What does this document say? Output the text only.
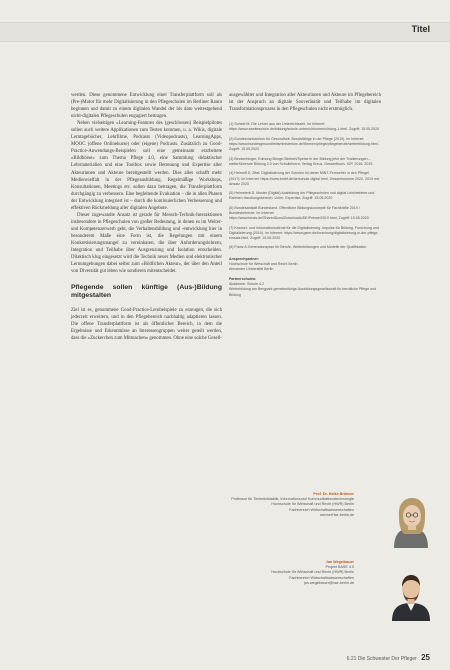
Titel

werden. Diese genommene Entwicklung einer Transferplattform soll als (Pre-)Motor für mehr Digitalisierung in den Pflegeschulen im Berliner Raum beginnen und damit zu einem digitalen Wandel der bis dato weitestgehend nicht-digitalen Pflegeschulen engagiert beitragen.

Neben vielseitigen »Learning-Features des (geschlossen) Beispielpilotes sollen auch weitere Applikationen zum Testen kommen, u. a. Wikis, digitale Lerntagebücher, Lehrfilme, Podcasts (Videopodcasts), LearningApps, MOOC (offene Onlinekurse) oder (eigene) Podcasts. Zusätzlich zu Good-Practice-Anwendungs-Beispielen soll eine gemeinsam erarbeitete »Bildbörse« zum Thema Pflege 4.0, eine Sammlung didaktischer Lehrmaterialien und eine Toolbox sowie Betreuung und Expertise aller Akteurinnen und Akteure bereitgestellt werden. Dies alles schafft mehr Medienvielfalt in der Pflegeausbildung. Regelmäßige Workshops, Konsultationen, Meetings etc. sollen dazu beitragen, die Transferplattform durchgängig zu verbessern. Eine begleitende Evaluation – die in allen Phasen der Entwicklung integriert ist – durch die kontinuierlichen Verbesserung und effektiven Rückmeldung aller digitalen Angebote.

Dieser zugewandte Ansatz ist gerade für Mensch-Technik-Interaktionen insbesondere in Pflegeschulen von großer Bedeutung, in denen es im Weiter- und Kompetenzerwerb geht, die Verhaltensbildung und -entwicklung hier in besonderem Maße eine Form ist, die Regelungen mit einem Konkretisierungsmangel zu vereinbaren, die über Anforderungslehrern, Integration und Teilhabe über Ausgrenzung und Isolation entscheiden. Dilaktisch klug eingesetzt wird die Technik neuer Medien und elektronischer Lernumgebungen dabei selbst zum »Bildlichen Akteur«, der über den Anteil von Diversität gut leben wie sondieren mitentscheidet.

Pflegende sollen künftige (Aus-)Bildung mitgestalten

Ziel ist es, genommene Good-Practice-Lernbeispiele zu erzeugen, die sich jederzeit erweitern, und in den Pflegebereich nachhaltig adaptieren lassen. Die offene Transferplattform ist als öffentlicher Bereich, in dem die Ergebnisse und Erkenntnisse an Interessengruppen weiter geteilt werden, dass die »Zuckerchen zum Mitmachen« genommen. Ohne eine solche Gesell-

ausgewählter und Integration aller Akteurinnen und Akteure im Pflegebereich ist der Anspruch an digitale Souveränität und Teilhabe im digitalen Transformationsprozess in den Pflegeschulen nicht erstmöglich.

(1) Scheid M. Die Lehrer aus der Unterrichtszeit. Im Internet: https://www.zweiteschule.de/bildung/schule-unterricht/unterrichtung-1.html, Zugriff: 15.05.2020

(2) Bundesministerium für Gesundheit. Berufsfähige in der Pflege (2019). Im Internet: https://www.bundesgesundheitsministerium.de/themen/pflege/pflegeberufe/weiterbildung.html, Zugriff: 15.05.2020

(3) Beckenhinger, Edmung Bünge-Stiebert/Spelse in der Bildung jetzt der Tradierungen – weiterführende Bildung 2.0 von Schullehrern, Verlag Kreuz, Gesamtbuch. IGP, 2016, 2015

(4) Helmoff D. Zitat: Digitalisierung der Schulen ist daher MINT-Fernseher in den Pflege! (2017): Im Internet: https://www.bmbf.de/de/schule-digital.html, Gesamtsumme 2020, 2019 mit Ansatz 2020

(5) Helmstedt D. Muster (Digital) Ausbildung der Pflegeschulen und digital Lehrbetriebe und Rahmen Handlungsbereich. Unter: Expertise, Zugriff: 15.05.2020

(6) Bundesanstalt Bundesland. Öffentliche Bildungskonzepte für Fachkräfte 2019 / Bundesbehörde. Im Internet: https://www.bmas.de/SharedDocs/Downloads/DE/Presse/2019.html, Zugriff: 15.05.2020

(7) Krauser- und Informationsdienst für die Digitalisierung. Impulse für Bildung. Forschung und Digitalisierung (2019). Im Internet: https://www.gsmr.de/forschung/digitalisierung-in-der-pflege-einsatz.html, Zugriff: 15.05.2020

(8) Franz A.Generationsplan für Berufe, Weiterbildungen und Modelle der Qualifikation

Ansprechpartner:
Hochschule für Wirtschaft und Recht Berlin
Alexander Universität Berlin
Partnerschulen:
Akademie: Schule 4.2
Weiterbildung am Bergpark gemeinnützige Ausbildungsgesellschaft für berufliche Pflege und Bildung
Prof. Dr. Heike Brünner
Professur für Technikdidaktik, Informationsund Kommunikationstechnologie
Hochschule für Wirtschaft und Recht (HWR) Berlin
Fachbereich Wirtschaftswissenschaften
wennerHwr-berlin.de
Jan Wegelbauer
Projekt BASE 4.0
Hochschule für Wirtschaft und Recht (HWR) Berlin
Fachbereich Wirtschaftswissenschaften
jan.wegelbauer@hwr-berlin.de
6.21 Die Schwester Der Pfleger 25
